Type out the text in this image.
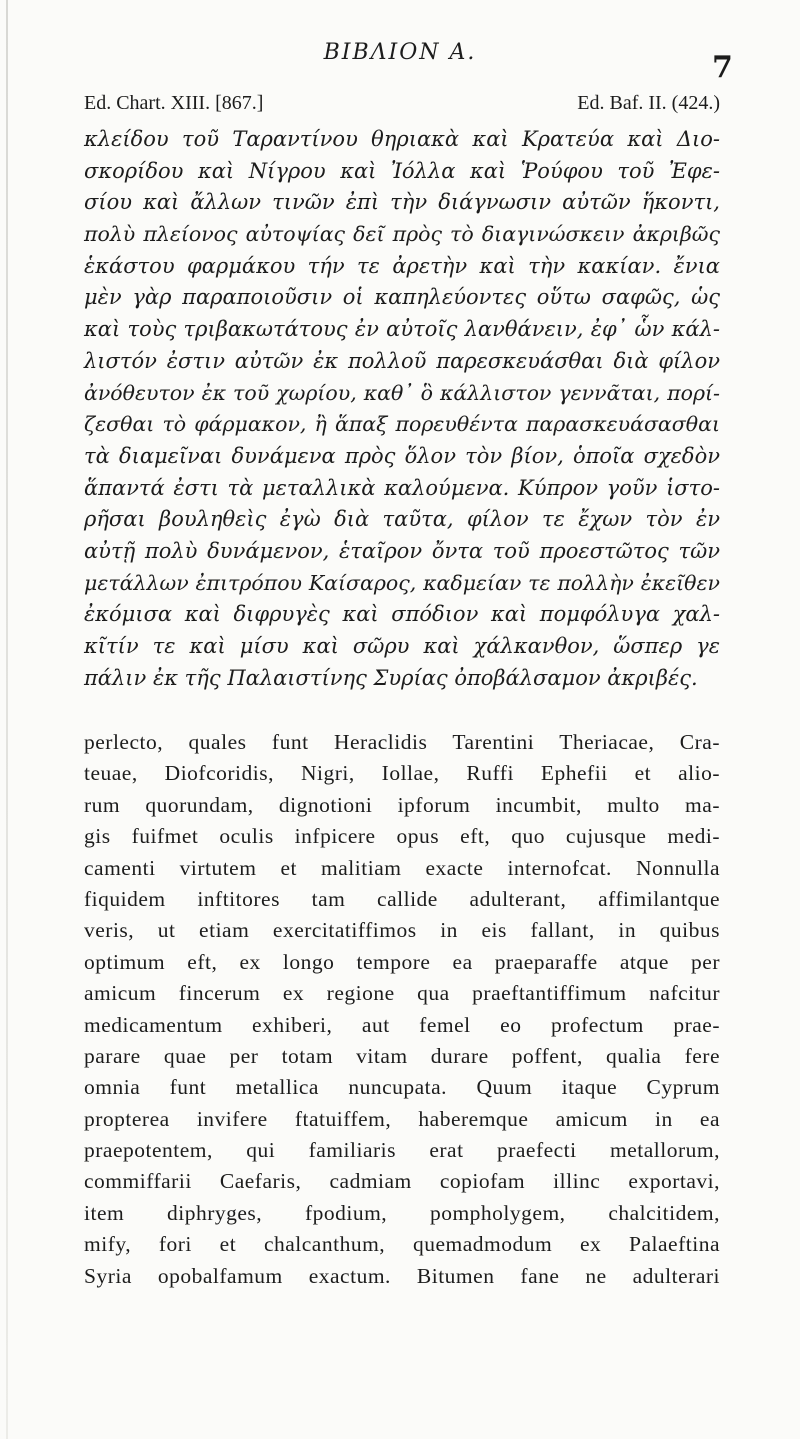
BIBΛΙΟΝ Α.	7
Ed. Chart. XIII. [867.]	Ed. Baf. II. (424.)
κλείδου τοῦ Ταραντίνου θηριακὰ καὶ Κρατεύα καὶ Διο-
σκορίδου καὶ Νίγρου καὶ Ἰόλλα καὶ Ῥούφου τοῦ Ἐφε-
σίου καὶ ἄλλων τινῶν ἐπὶ τὴν διάγνωσιν αὐτῶν ἥκοντι,
πολὺ πλείονος αὐτοψίας δεῖ πρὸς τὸ διαγινώσκειν ἀκριβῶς
ἑκάστου φαρμάκου τήν τε ἀρετὴν καὶ τὴν κακίαν. ἔνια
μὲν γὰρ παραποιοῦσιν οἱ καπηλεύοντες οὕτω σαφῶς, ὡς
καὶ τοὺς τριβακωτάτους ἐν αὐτοῖς λανθάνειν, ἐφ᾽ ὧν κάλ-
λιστόν ἐστιν αὐτῶν ἐκ πολλοῦ παρεσκευάσθαι διὰ φίλον
ἀνόθευτον ἐκ τοῦ χωρίου, καθ᾽ ὃ κάλλιστον γεννᾶται, πορί-
ζεσθαι τὸ φάρμακον, ἢ ἅπαξ πορευθέντα παρασκευάσασθαι
τὰ διαμεῖναι δυνάμενα πρὸς ὅλον τὸν βίον, ὁποῖα σχεδὸν
ἅπαντά ἐστι τὰ μεταλλικὰ καλούμενα. Κύπρον γοῦν ἱστο-
ρῆσαι βουληθεὶς ἐγὼ διὰ ταῦτα, φίλον τε ἔχων τὸν ἐν
αὐτῇ πολὺ δυνάμενον, ἑταῖρον ὄντα τοῦ προεστῶτος τῶν
μετάλλων ἐπιτρόπου Καίσαρος, καδμείαν τε πολλὴν ἐκεῖθεν
ἐκόμισα καὶ διφρυγὲς καὶ σπόδιον καὶ πομφόλυγα χαλ-
κῖτίν τε καὶ μίσυ καὶ σῶρυ καὶ χάλκανθον, ὥσπερ γε
πάλιν ἐκ τῆς Παλαιστίνης Συρίας ὀποβάλσαμον ἀκριβές.
perlecto, quales funt Heraclidis Tarentini Theriacae, Cra-
teuae, Diofcoridis, Nigri, Iollae, Ruffi Ephefii et alio-
rum quorundam, dignotioni ipforum incumbit, multo ma-
gis fuifmet oculis infpicere opus eft, quo cujusque medi-
camenti virtutem et malitiam exacte internofcat. Nonnulla
fiquidem inftitores tam callide adulterant, affimilantque
veris, ut etiam exercitatiffimos in eis fallant, in quibus
optimum eft, ex longo tempore ea praeparaffe atque per
amicum fincerum ex regione qua praeftantiffimum nafcitur
medicamentum exhiberi, aut femel eo profectum prae-
parare quae per totam vitam durare poffent, qualia fere
omnia funt metallica nuncupata. Quum itaque Cyprum
propterea invifere ftatuiffem, haberemque amicum in ea
praepotentem, qui familiaris erat praefecti metallorum,
commiffarii Caefaris, cadmiam copiofam illinc exportavi,
item diphryges, fpodium, pompholygem, chalcitidem,
mify, fori et chalcanthum, quemadmodum ex Palaeftina
Syria opobalfamum exactum. Bitumen fane ne adulterari
